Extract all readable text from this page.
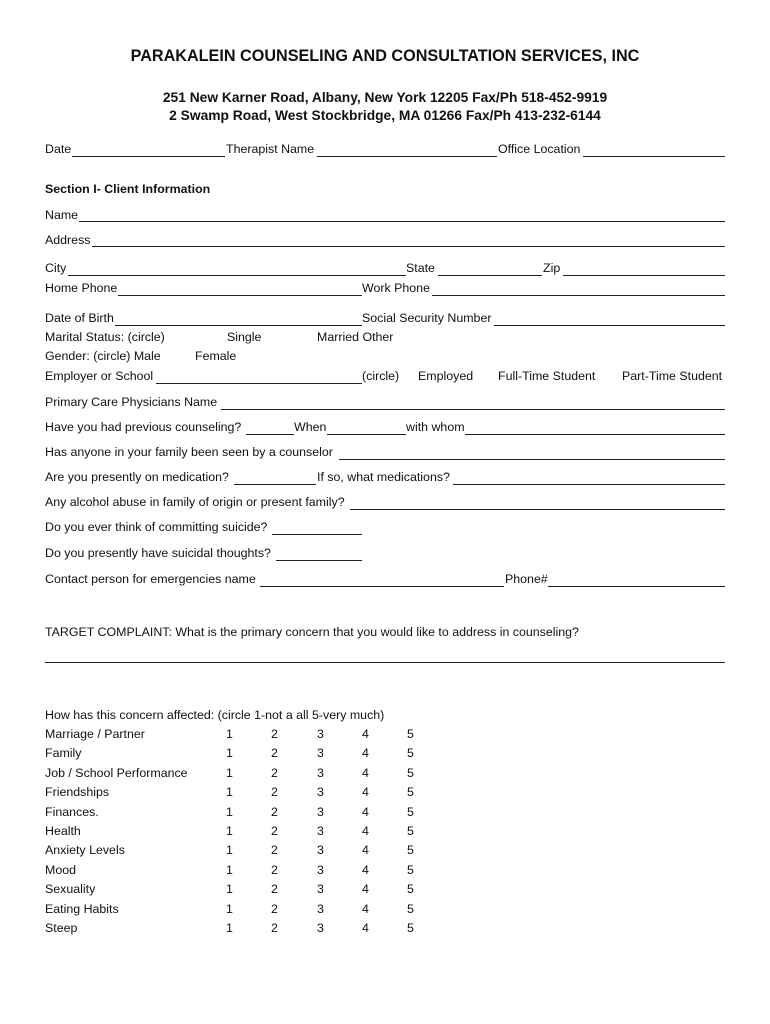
PARAKALEIN COUNSELING AND CONSULTATION SERVICES, INC
251 New Karner Road, Albany, New York 12205 Fax/Ph 518-452-9919
2 Swamp Road, West Stockbridge, MA 01266 Fax/Ph 413-232-6144
Date	Therapist Name	Office Location
Section I- Client Information
Name
Address
City	State	Zip
Home Phone	Work Phone
Date of Birth	Social Security Number
Marital Status: (circle)	Single	Married Other
Gender: (circle) Male	Female
Employer or School	(circle) Employed Full-Time Student Part-Time Student
Primary Care Physicians Name
Have you had previous counseling?	When	with whom
Has anyone in your family been seen by a counselor
Are you presently on medication?	If so, what medications?
Any alcohol abuse in family of origin or present family?
Do you ever think of committing suicide?
Do you presently have suicidal thoughts?
Contact person for emergencies name	Phone#
TARGET COMPLAINT: What is the primary concern that you would like to address in counseling?
How has this concern affected: (circle 1-not a all 5-very much)
Marriage / Partner	1	2	3	4	5
Family	1	2	3	4	5
Job / School Performance	1	2	3	4	5
Friendships	1	2	3	4	5
Finances.	1	2	3	4	5
Health	1	2	3	4	5
Anxiety Levels	1	2	3	4	5
Mood	1	2	3	4	5
Sexuality	1	2	3	4	5
Eating Habits	1	2	3	4	5
Steep	1	2	3	4	5
